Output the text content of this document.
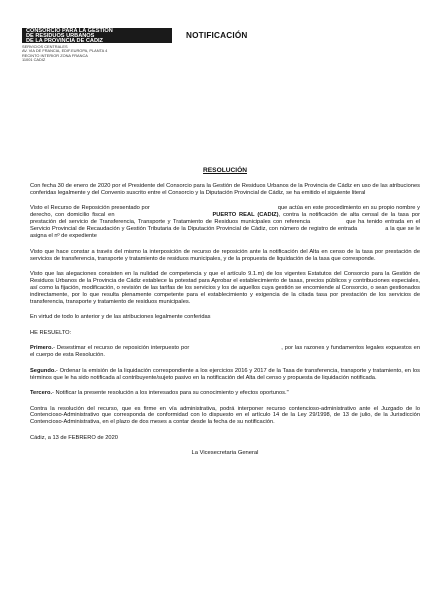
CONSORCIO PARA LA GESTIÓN
DE RESIDUOS URBANOS
DE LA PROVINCIA DE CADIZ
SERVICIOS CENTRALES
AV. VIA DE FRANCIA, EDIF.EUROPA, PLANTA 4
RECINTO INTERIOR ZONA FRANCA
11001 CADIZ
NOTIFICACIÓN
RESOLUCIÓN

Con fecha 30 de enero de 2020 por el Presidente del Consorcio para la Gestión de Residuos Urbanos de la Provincia de Cádiz en uso de las atribuciones conferidas legalmente y del Convenio suscrito entre el Consorcio y la Diputación Provincial de Cádiz, se ha emitido el siguiente literal

Visto el Recurso de Reposición presentado por	que actúa en este procedimiento en su propio nombre y derecho, con domicilio fiscal en	PUERTO REAL (CADIZ), contra la notificación de alta censal de la tasa por prestación del servicio de Transferencia, Transporte y Tratamiento de Residuos municipales con referencia	que ha tenido entrada en el Servicio Provincial de Recaudación y Gestión Tributaria de la Diputación Provincial de Cádiz, con número de registro de entrada	a la que se le asigna el nº de expediente

Visto que hace constar a través del mismo la interposición de recurso de reposición ante la notificación del Alta en censo de la tasa por prestación de servicios de transferencia, transporte y tratamiento de residuos municipales, y de la propuesta de liquidación de la tasa que corresponde.

Visto que las alegaciones consisten en la nulidad de competencia y que el artículo 9.1.m) de los vigentes Estatutos del Consorcio para la Gestión de Residuos Urbanos de la Provincia de Cádiz establece la potestad para Aprobar el establecimiento de tasas, precios públicos y contribuciones especiales, así como la fijación, modificación, o revisión de las tarifas de los servicios y los de aquellos cuya gestión se encomiende al Consorcio, o sean gestionados indirectamente, por lo que resulta plenamente competente para el establecimiento y exigencia de la citada tasa por prestación de los servicios de transferencia, transporte y tratamiento de residuos municipales.

En virtud de todo lo anterior y de las atribuciones legalmente conferidas

HE RESUELTO:

Primero.- Desestimar el recurso de reposición interpuesto por	, por las razones y fundamentos legales expuestos en el cuerpo de esta Resolución.

Segundo.- Ordenar la emisión de la liquidación correspondiente a los ejercicios 2016 y 2017 de la Tasa de transferencia, transporte y tratamiento, en los términos que le ha sido notificada al contribuyente/sujeto pasivo en la notificación del Alta del censo y propuesta de liquidación notificada.

Tercero.- Notificar la presente resolución a los interesados para su conocimiento y efectos oportunos."

Contra la resolución del recurso, que es firme en vía administrativa, podrá interponer recurso contencioso-administrativo ante el Juzgado de lo Contencioso-Administrativo que corresponda de conformidad con lo dispuesto en el artículo 14 de la Ley 29/1998, de 13 de julio, de la Jurisdicción Contencioso-Administrativa, en el plazo de dos meses a contar desde la fecha de su notificación.

Cádiz, a 13 de FEBRERO de 2020

La Vicesecretaria General
